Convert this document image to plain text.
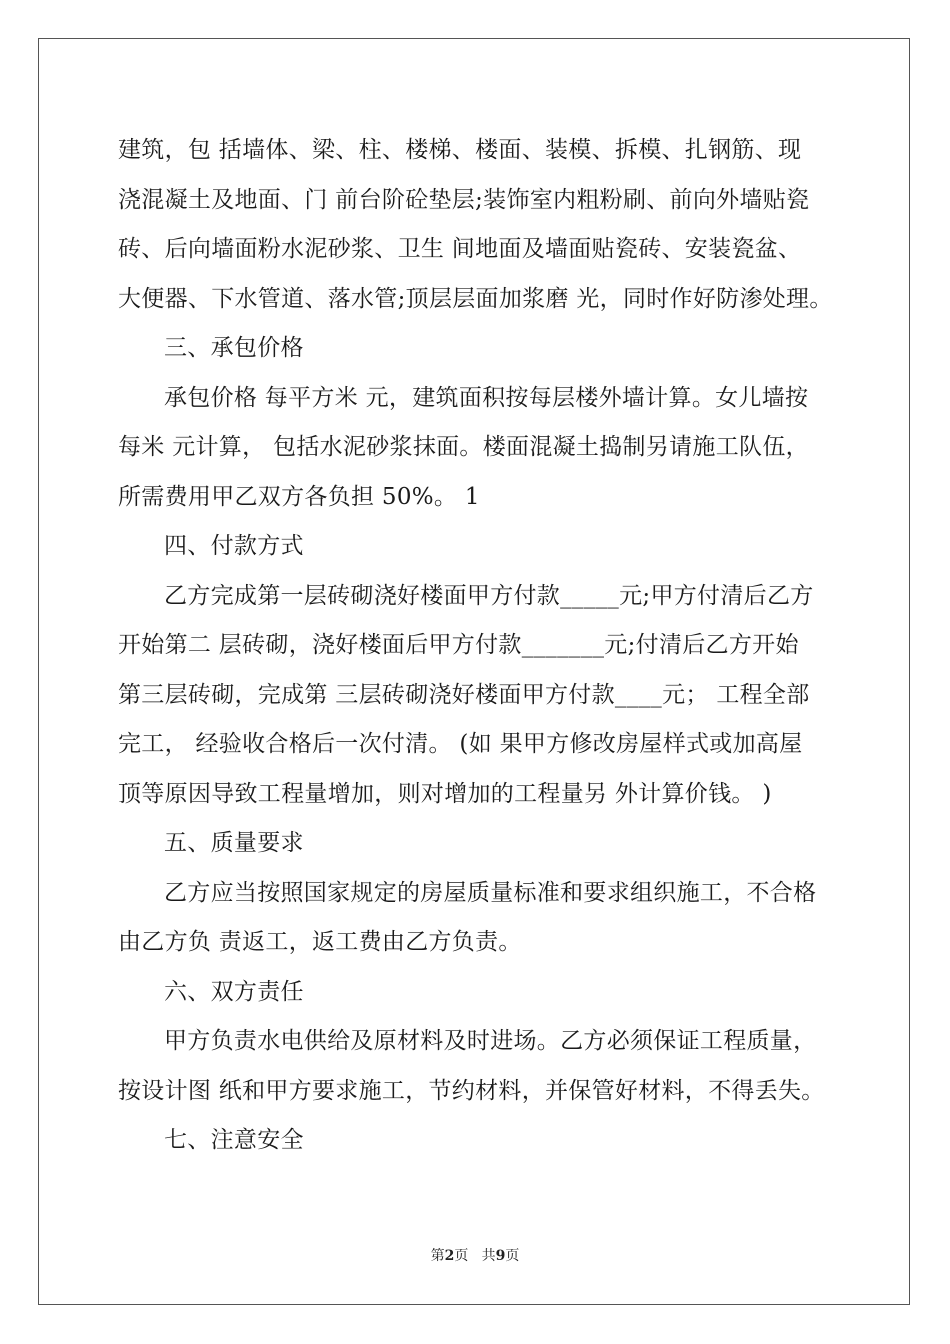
建筑，包 括墙体、梁、柱、楼梯、楼面、装模、拆模、扎钢筋、现
浇混凝土及地面、门 前台阶砼垫层;装饰室内粗粉刷、前向外墙贴瓷
砖、后向墙面粉水泥砂浆、卫生 间地面及墙面贴瓷砖、安装瓷盆、
大便器、下水管道、落水管;顶层层面加浆磨 光，同时作好防渗处理。
三、承包价格
承包价格 每平方米 元，建筑面积按每层楼外墙计算。女儿墙按
每米 元计算， 包括水泥砂浆抹面。楼面混凝土捣制另请施工队伍，
所需费用甲乙双方各负担 50%。 1
四、付款方式
乙方完成第一层砖砌浇好楼面甲方付款_____元;甲方付清后乙方
开始第二 层砖砌，浇好楼面后甲方付款_______元;付清后乙方开始
第三层砖砌，完成第 三层砖砌浇好楼面甲方付款____元； 工程全部
完工， 经验收合格后一次付清。 (如 果甲方修改房屋样式或加高屋
顶等原因导致工程量增加，则对增加的工程量另 外计算价钱。 )
五、质量要求
乙方应当按照国家规定的房屋质量标准和要求组织施工，不合格
由乙方负 责返工，返工费由乙方负责。
六、双方责任
甲方负责水电供给及原材料及时进场。乙方必须保证工程质量，
按设计图 纸和甲方要求施工，节约材料，并保管好材料，不得丢失。
七、注意安全
第2页 共9页
